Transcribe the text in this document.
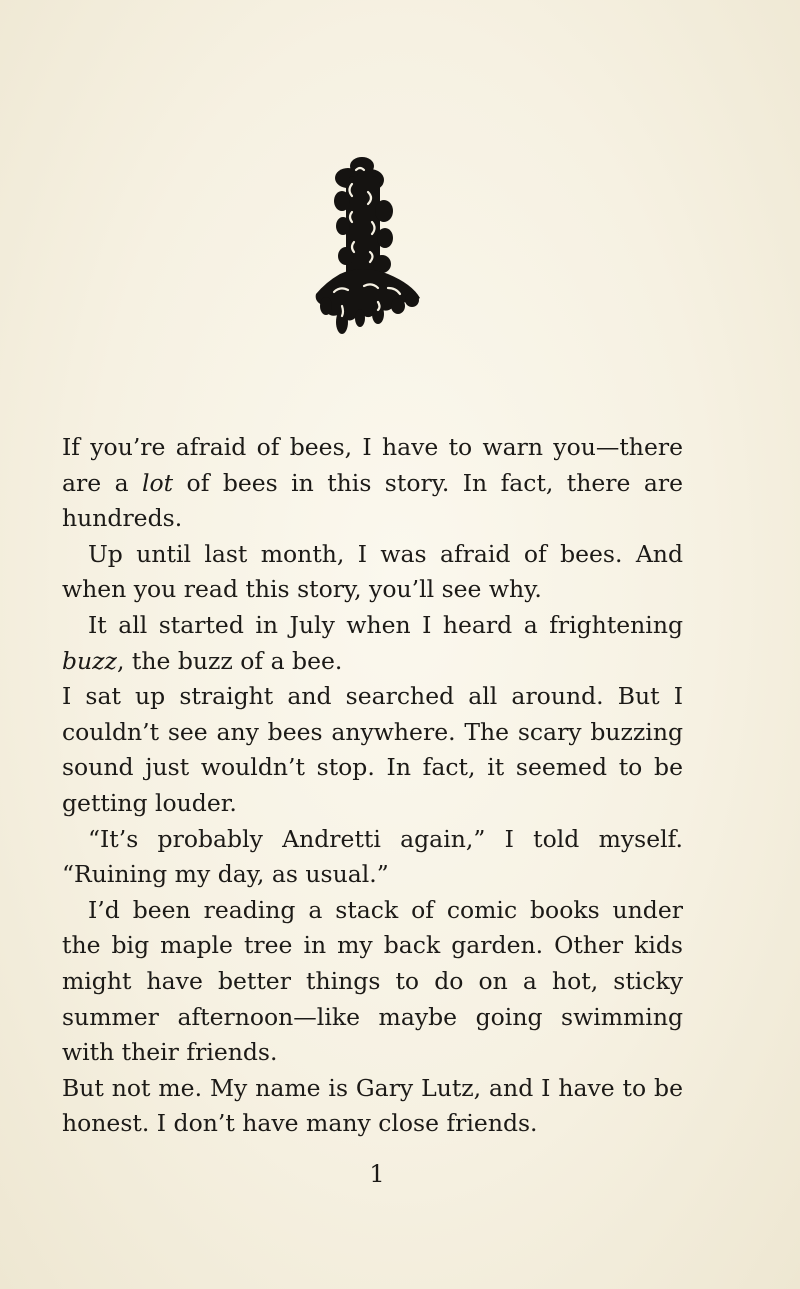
If you’re afraid of bees, I have to warn you—there are a lot of bees in this story. In fact, there are hundreds.

Up until last month, I was afraid of bees. And when you read this story, you’ll see why.

It all started in July when I heard a frightening buzz, the buzz of a bee.

I sat up straight and searched all around. But I couldn’t see any bees anywhere. The scary buzzing sound just wouldn’t stop. In fact, it seemed to be getting louder.

“It’s probably Andretti again,” I told myself. “Ruining my day, as usual.”

I’d been reading a stack of comic books under the big maple tree in my back garden. Other kids might have better things to do on a hot, sticky summer afternoon—like maybe going swimming with their friends.

But not me. My name is Gary Lutz, and I have to be honest. I don’t have many close friends.

1
